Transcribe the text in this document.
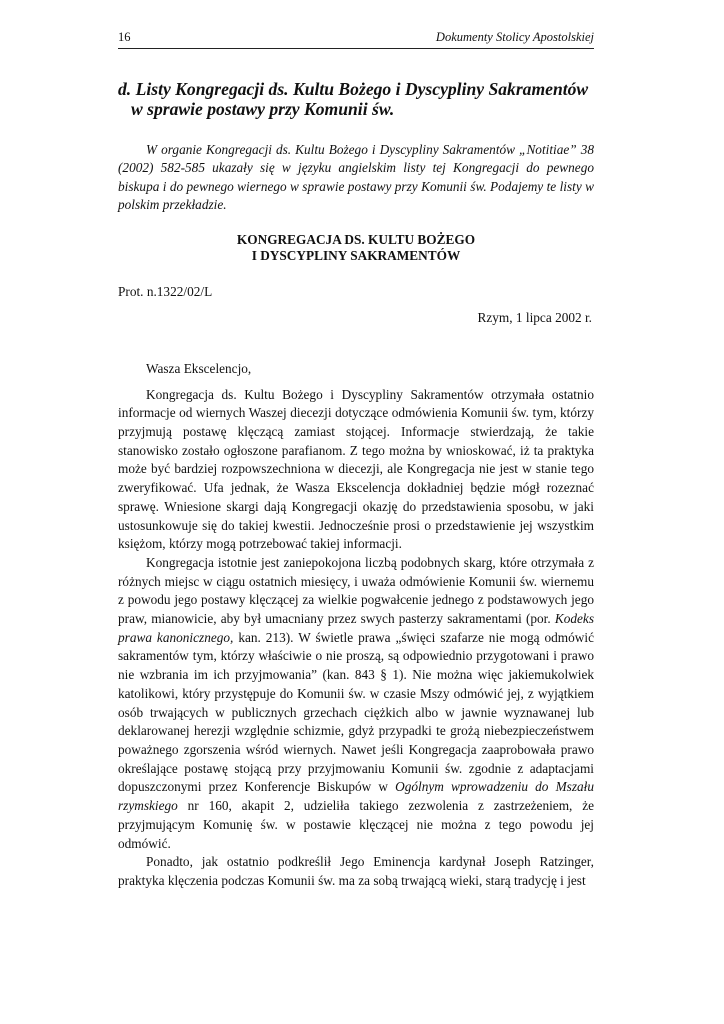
16	Dokumenty Stolicy Apostolskiej
d. Listy Kongregacji ds. Kultu Bożego i Dyscypliny Sakramentów
w sprawie postawy przy Komunii św.
W organie Kongregacji ds. Kultu Bożego i Dyscypliny Sakramentów „Notitiae” 38 (2002) 582-585 ukazały się w języku angielskim listy tej Kongregacji do pewnego biskupa i do pewnego wiernego w sprawie postawy przy Komunii św. Podajemy te listy w polskim przekładzie.
KONGREGACJA DS. KULTU BOŻEGO
I DYSCYPLINY SAKRAMENTÓW
Prot. n.1322/02/L
Rzym, 1 lipca 2002 r.
Wasza Ekscelencjo,

Kongregacja ds. Kultu Bożego i Dyscypliny Sakramentów otrzymała ostatnio informacje od wiernych Waszej diecezji dotyczące odmówienia Komunii św. tym, którzy przyjmują postawę klęczącą zamiast stojącej. Informacje stwierdzają, że takie stanowisko zostało ogłoszone parafianom. Z tego można by wnioskować, iż ta praktyka może być bardziej rozpowszechniona w diecezji, ale Kongregacja nie jest w stanie tego zweryfikować. Ufa jednak, że Wasza Ekscelencja dokładniej będzie mógł rozeznać sprawę. Wniesione skargi dają Kongregacji okazję do przedstawienia sposobu, w jaki ustosunkowuje się do takiej kwestii. Jednocześnie prosi o przedstawienie jej wszystkim księżom, którzy mogą potrzebować takiej informacji.

Kongregacja istotnie jest zaniepokojona liczbą podobnych skarg, które otrzymała z różnych miejsc w ciągu ostatnich miesięcy, i uważa odmówienie Komunii św. wiernemu z powodu jego postawy klęczącej za wielkie pogwałcenie jednego z podstawowych jego praw, mianowicie, aby był umacniany przez swych pasterzy sakramentami (por. Kodeks prawa kanonicznego, kan. 213). W świetle prawa „święci szafarze nie mogą odmówić sakramentów tym, którzy właściwie o nie proszą, są odpowiednio przygotowani i prawo nie wzbrania im ich przyjmowania” (kan. 843 § 1). Nie można więc jakiemukolwiek katolikowi, który przystępuje do Komunii św. w czasie Mszy odmówić jej, z wyjątkiem osób trwających w publicznych grzechach ciężkich albo w jawnie wyznawanej lub deklarowanej herezji względnie schizmie, gdyż przypadki te grożą niebezpieczeństwem poważnego zgorszenia wśród wiernych. Nawet jeśli Kongregacja zaaprobowała prawo określające postawę stojącą przy przyjmowaniu Komunii św. zgodnie z adaptacjami dopuszczonymi przez Konferencje Biskupów w Ogólnym wprowadzeniu do Mszału rzymskiego nr 160, akapit 2, udzieliła takiego zezwolenia z zastrzeżeniem, że przyjmującym Komunię św. w postawie klęczącej nie można z tego powodu jej odmówić.

Ponadto, jak ostatnio podkreślił Jego Eminencja kardynał Joseph Ratzinger, praktyka klęczenia podczas Komunii św. ma za sobą trwającą wieki, starą tradycję i jest
